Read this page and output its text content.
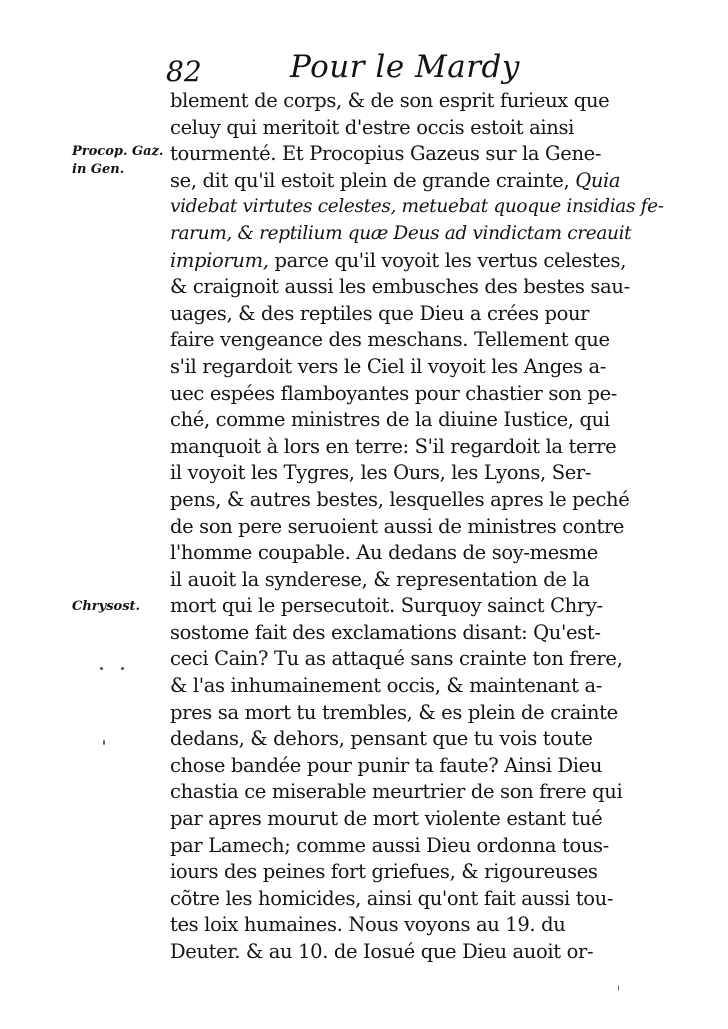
82	Pour le Mardy
Procop. Gaz.
in Gen.
Chrysost.
blement de corps, & de son esprit furieux que
celuy qui meritoit d'estre occis estoit ainsi
tourmenté. Et Procopius Gazeus sur la Gene-
se, dit qu'il estoit plein de grande crainte, Quia
videbat virtutes celestes, metuebat quoque insidias fe-
rarum, & reptilium quæ Deus ad vindictam creauit
impiorum, parce qu'il voyoit les vertus celestes,
& craignoit aussi les embusches des bestes sau-
uages, & des reptiles que Dieu a crées pour
faire vengeance des meschans. Tellement que
s'il regardoit vers le Ciel il voyoit les Anges a-
uec espées flamboyantes pour chastier son pe-
ché, comme ministres de la diuine Iustice, qui
manquoit à lors en terre: S'il regardoit la terre
il voyoit les Tygres, les Ours, les Lyons, Ser-
pens, & autres bestes, lesquelles apres le peché
de son pere seruoient aussi de ministres contre
l'homme coupable. Au dedans de soy-mesme
il auoit la synderese, & representation de la
mort qui le persecutoit. Surquoy sainct Chry-
sostome fait des exclamations disant: Qu'est-
ceci Cain? Tu as attaqué sans crainte ton frere,
& l'as inhumainement occis, & maintenant a-
pres sa mort tu trembles, & es plein de crainte
dedans, & dehors, pensant que tu vois toute
chose bandée pour punir ta faute? Ainsi Dieu
chastia ce miserable meurtrier de son frere qui
par apres mourut de mort violente estant tué
par Lamech; comme aussi Dieu ordonna tous-
iours des peines fort griefues, & rigoureuses
cõtre les homicides, ainsi qu'ont fait aussi tou-
tes loix humaines. Nous voyons au 19. du
Deuter. & au 10. de Iosué que Dieu auoit or-
